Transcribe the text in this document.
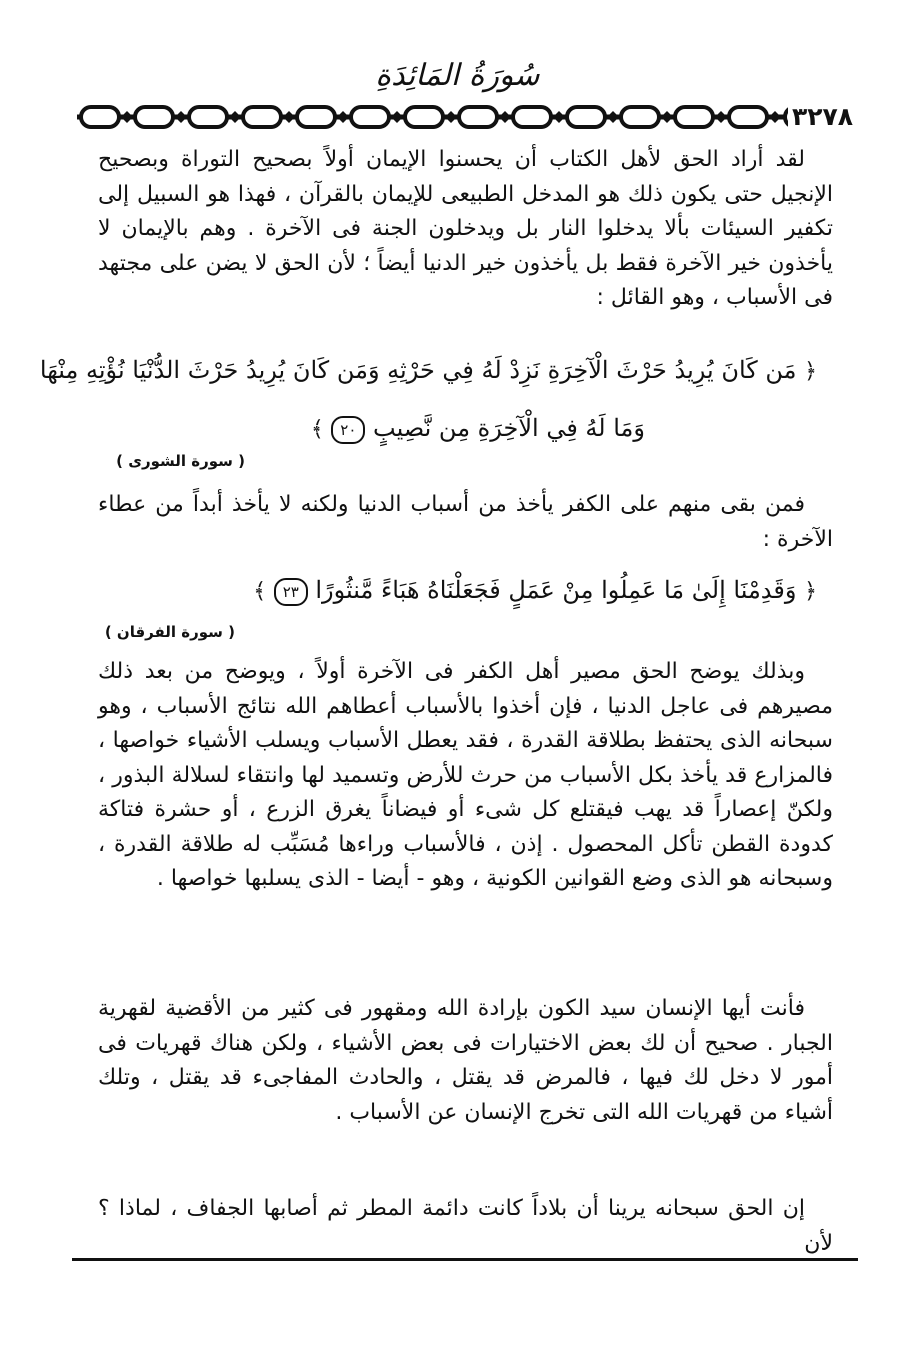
سُورَةُ المَائِدَةِ
٣٢٧٨
لقد أراد الحق لأهل الكتاب أن يحسنوا الإيمان أولاً بصحيح التوراة وبصحيح الإنجيل حتى يكون ذلك هو المدخل الطبيعى للإيمان بالقرآن ، فهذا هو السبيل إلى تكفير السيئات بألا يدخلوا النار بل ويدخلون الجنة فى الآخرة . وهم بالإيمان لا يأخذون خير الآخرة فقط بل يأخذون خير الدنيا أيضاً ؛ لأن الحق لا يضن على مجتهد فى الأسباب ، وهو القائل :
﴿ مَن كَانَ يُرِيدُ حَرْثَ الْآخِرَةِ نَزِدْ لَهُ فِي حَرْثِهِ وَمَن كَانَ يُرِيدُ حَرْثَ الدُّنْيَا نُؤْتِهِ مِنْهَا
وَمَا لَهُ فِي الْآخِرَةِ مِن نَّصِيبٍ ٢٠ ﴾
( سورة الشورى )
فمن بقى منهم على الكفر يأخذ من أسباب الدنيا ولكنه لا يأخذ أبداً من عطاء الآخرة :
﴿ وَقَدِمْنَا إِلَىٰ مَا عَمِلُوا مِنْ عَمَلٍ فَجَعَلْنَاهُ هَبَاءً مَّنثُورًا ٢٣ ﴾
( سورة الفرقان )
وبذلك يوضح الحق مصير أهل الكفر فى الآخرة أولاً ، ويوضح من بعد ذلك مصيرهم فى عاجل الدنيا ، فإن أخذوا بالأسباب أعطاهم الله نتائج الأسباب ، وهو سبحانه الذى يحتفظ بطلاقة القدرة ، فقد يعطل الأسباب ويسلب الأشياء خواصها ، فالمزارع قد يأخذ بكل الأسباب من حرث للأرض وتسميد لها وانتقاء لسلالة البذور ، ولكنّ إعصاراً قد يهب فيقتلع كل شىء أو فيضاناً يغرق الزرع ، أو حشرة فتاكة كدودة القطن تأكل المحصول . إذن ، فالأسباب وراءها مُسَبِّب له طلاقة القدرة ، وسبحانه هو الذى وضع القوانين الكونية ، وهو - أيضا - الذى يسلبها خواصها .
فأنت أيها الإنسان سيد الكون بإرادة الله ومقهور فى كثير من الأقضية لقهرية الجبار . صحيح أن لك بعض الاختيارات فى بعض الأشياء ، ولكن هناك قهريات فى أمور لا دخل لك فيها ، فالمرض قد يقتل ، والحادث المفاجىء قد يقتل ، وتلك أشياء من قهريات الله التى تخرج الإنسان عن الأسباب .
إن الحق سبحانه يرينا أن بلاداً كانت دائمة المطر ثم أصابها الجفاف ، لماذا ؟ لأن
